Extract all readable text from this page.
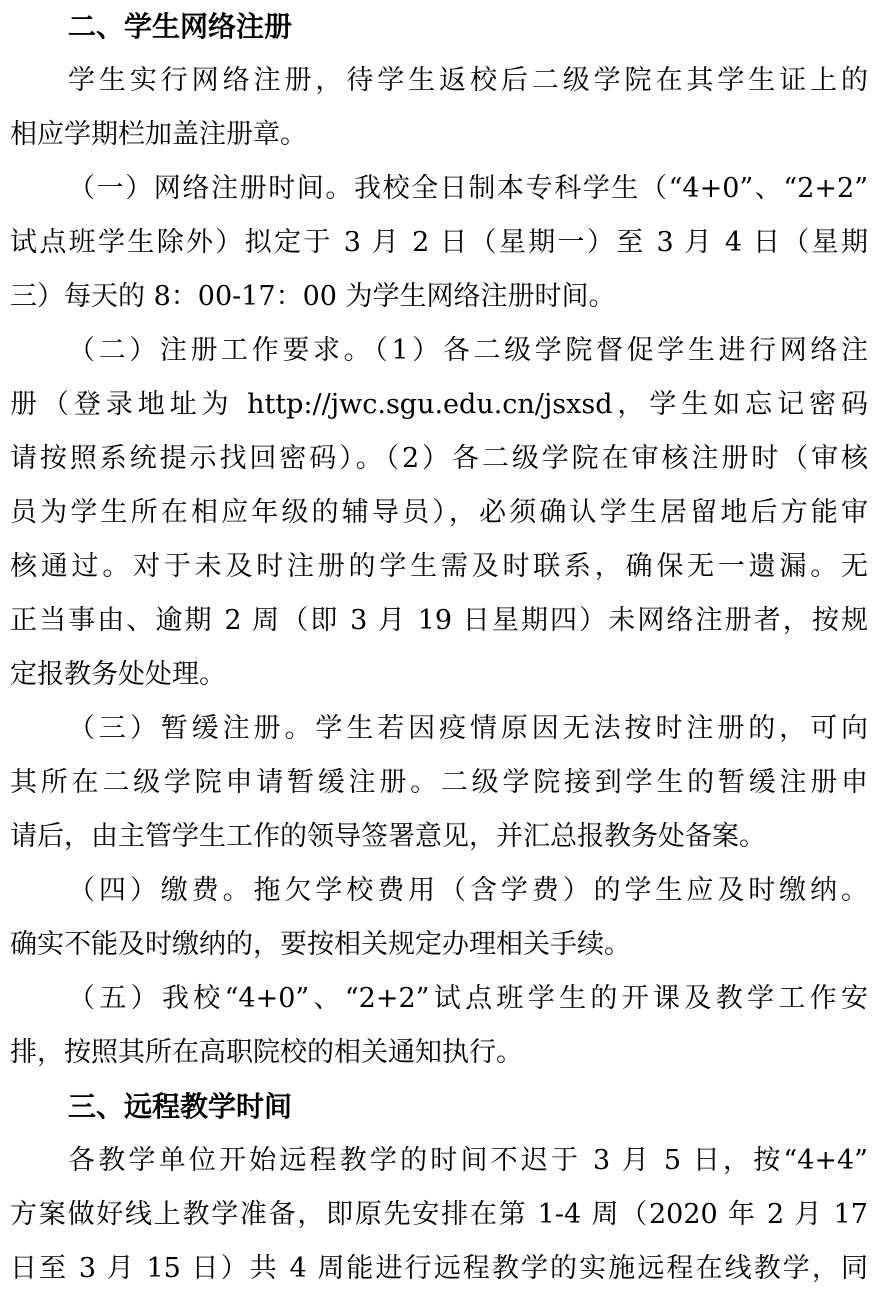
二、学生网络注册
学生实行网络注册，待学生返校后二级学院在其学生证上的
相应学期栏加盖注册章。
（一）网络注册时间。我校全日制本专科学生（“4+0”、“2+2”
试点班学生除外）拟定于 3 月 2 日（星期一）至 3 月 4 日（星期
三）每天的 8：00-17：00 为学生网络注册时间。
（二）注册工作要求。（1）各二级学院督促学生进行网络注
册（登录地址为 http://jwc.sgu.edu.cn/jsxsd，学生如忘记密码
请按照系统提示找回密码）。（2）各二级学院在审核注册时（审核
员为学生所在相应年级的辅导员），必须确认学生居留地后方能审
核通过。对于未及时注册的学生需及时联系，确保无一遗漏。无
正当事由、逾期 2 周（即 3 月 19 日星期四）未网络注册者，按规
定报教务处处理。
（三）暂缓注册。学生若因疫情原因无法按时注册的，可向
其所在二级学院申请暂缓注册。二级学院接到学生的暂缓注册申
请后，由主管学生工作的领导签署意见，并汇总报教务处备案。
（四）缴费。拖欠学校费用（含学费）的学生应及时缴纳。
确实不能及时缴纳的，要按相关规定办理相关手续。
（五）我校“4+0”、“2+2”试点班学生的开课及教学工作安
排，按照其所在高职院校的相关通知执行。
三、远程教学时间
各教学单位开始远程教学的时间不迟于 3 月 5 日，按“4+4”
方案做好线上教学准备，即原先安排在第 1-4 周（2020 年 2 月 17
日至 3 月 15 日）共 4 周能进行远程教学的实施远程在线教学，同
